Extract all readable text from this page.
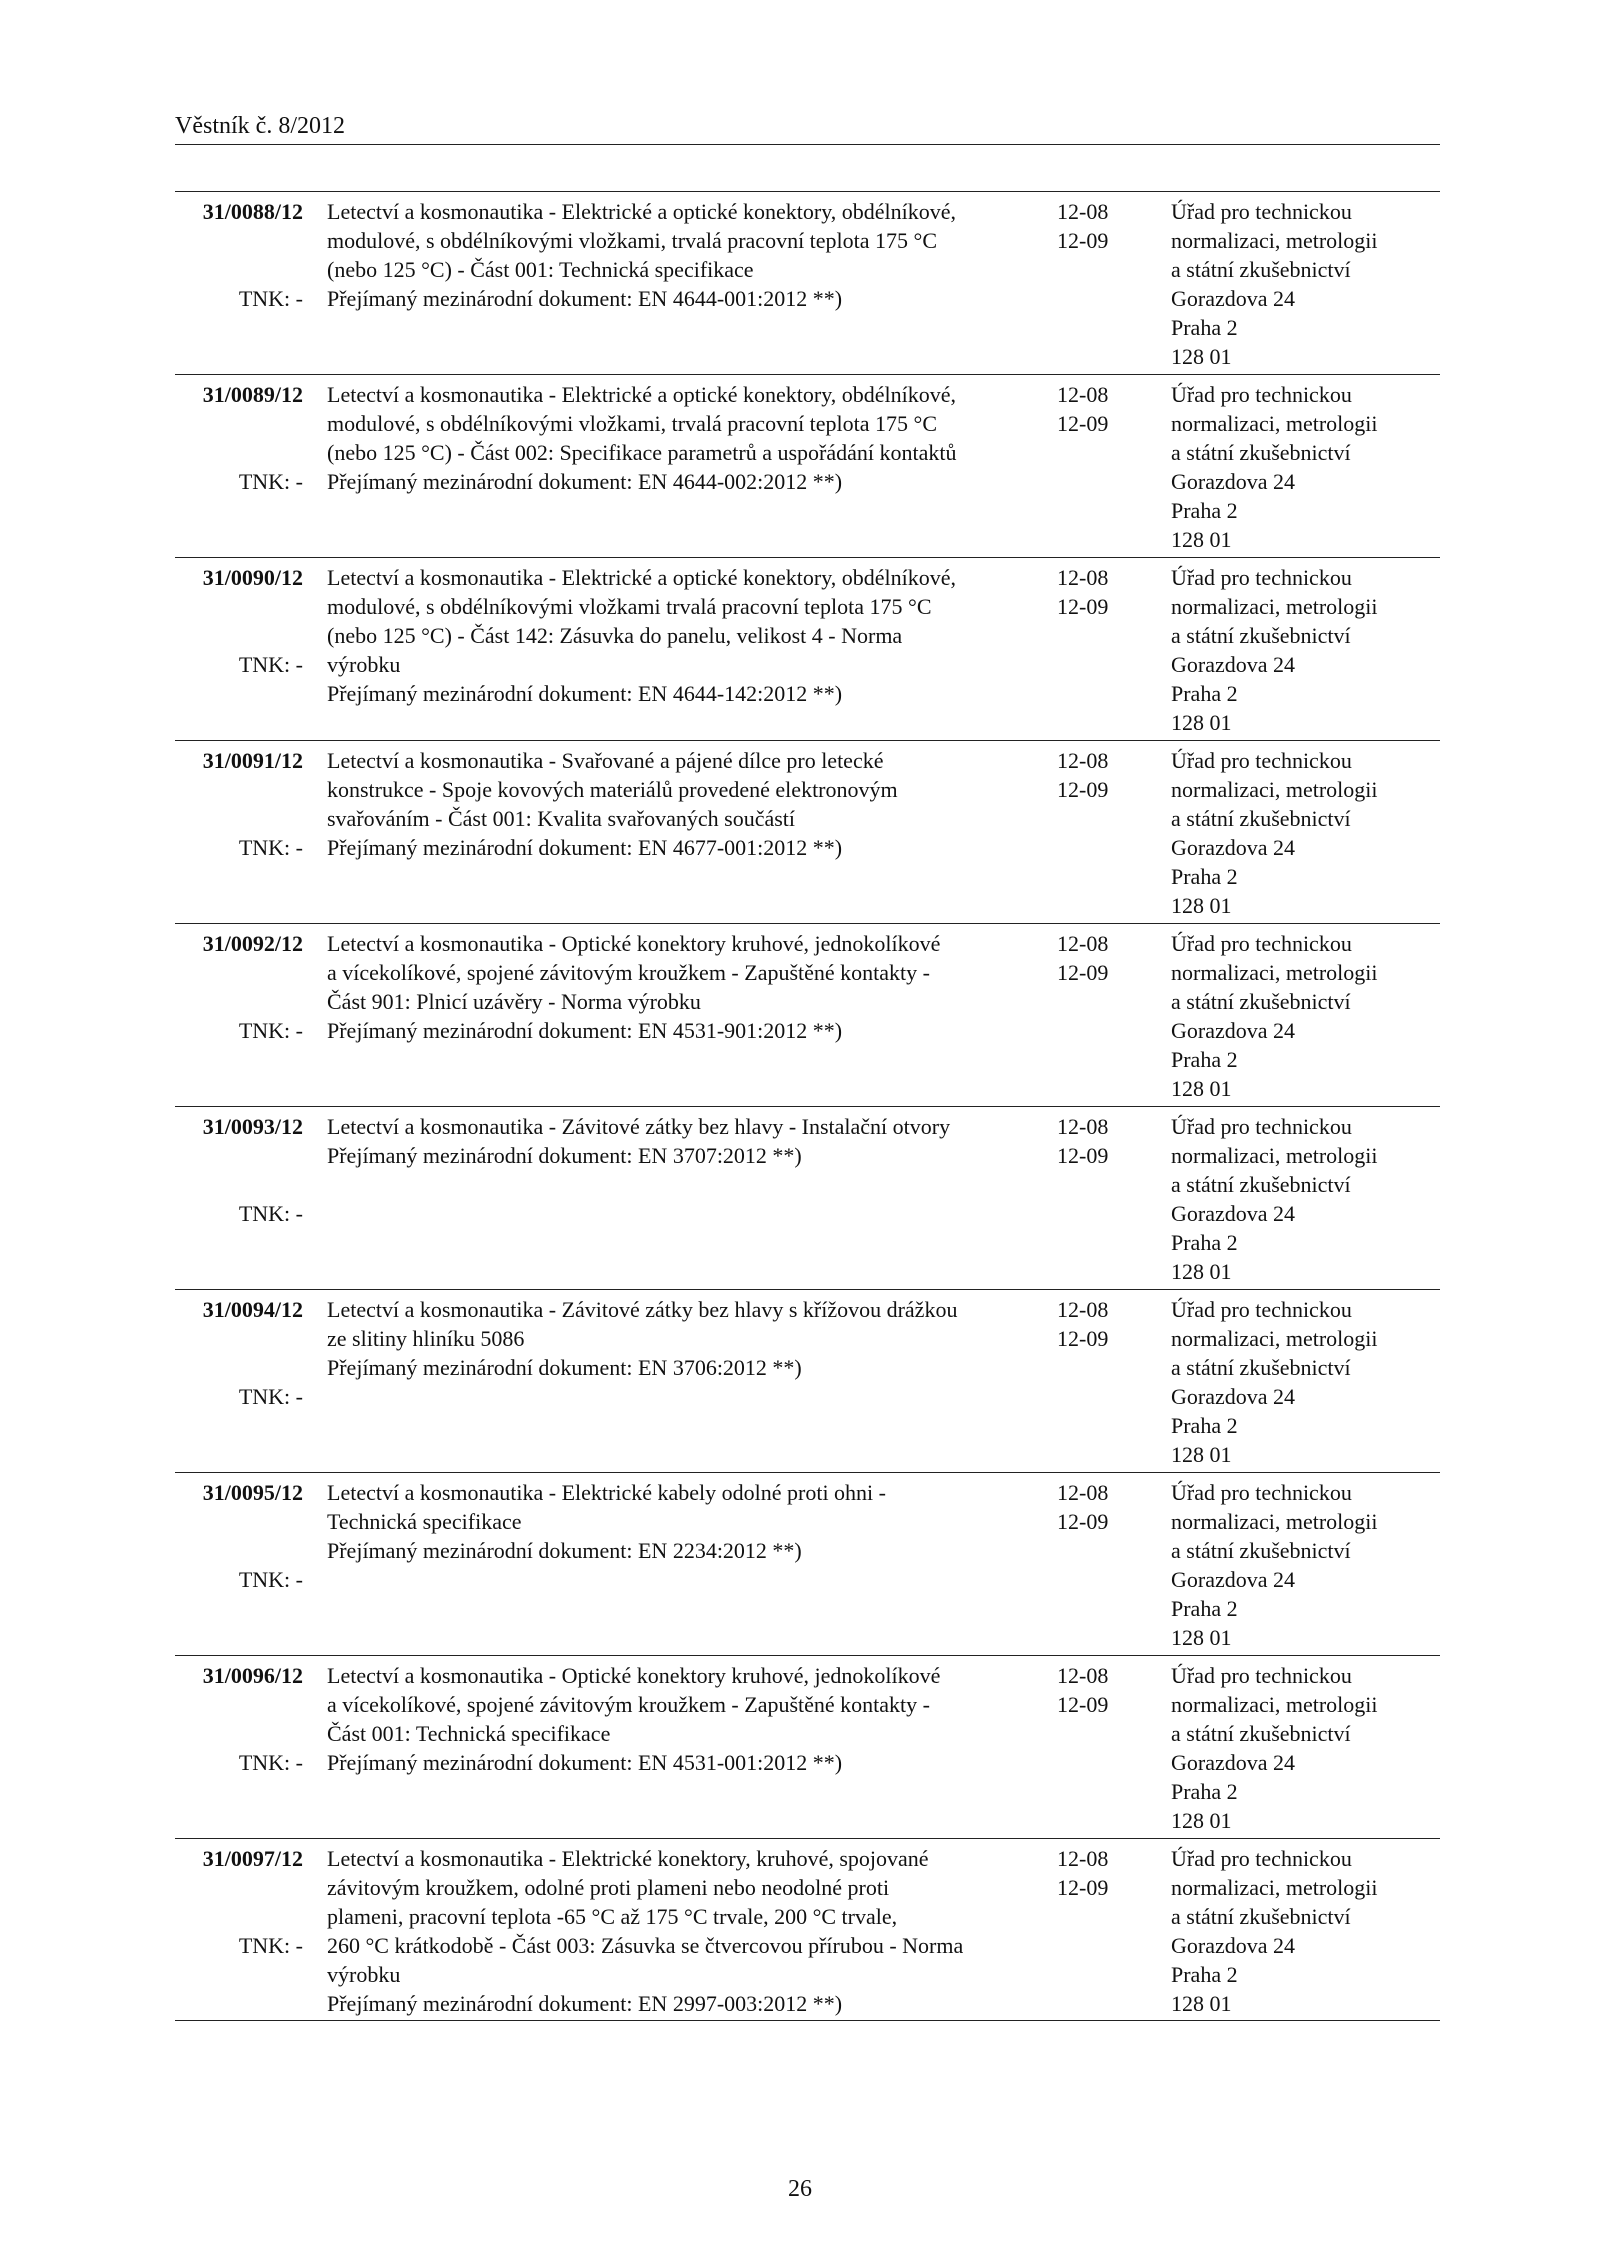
Věstník č. 8/2012
31/0088/12
TNK: -
Letectví a kosmonautika - Elektrické a optické konektory, obdélníkové,
modulové, s obdélníkovými vložkami, trvalá pracovní teplota 175 °C
(nebo 125 °C) - Část 001: Technická specifikace
Přejímaný mezinárodní dokument: EN 4644-001:2012 **)
12-08
12-09
Úřad pro technickou
normalizaci, metrologii
a státní zkušebnictví
Gorazdova 24
Praha 2
128 01
31/0089/12
TNK: -
Letectví a kosmonautika - Elektrické a optické konektory, obdélníkové,
modulové, s obdélníkovými vložkami, trvalá pracovní teplota 175 °C
(nebo 125 °C) - Část 002: Specifikace parametrů a uspořádání kontaktů
Přejímaný mezinárodní dokument: EN 4644-002:2012 **)
12-08
12-09
Úřad pro technickou
normalizaci, metrologii
a státní zkušebnictví
Gorazdova 24
Praha 2
128 01
31/0090/12
TNK: -
Letectví a kosmonautika - Elektrické a optické konektory, obdélníkové,
modulové, s obdélníkovými vložkami trvalá pracovní teplota 175 °C
(nebo 125 °C) - Část 142: Zásuvka do panelu, velikost 4 - Norma
výrobku
Přejímaný mezinárodní dokument: EN 4644-142:2012 **)
12-08
12-09
Úřad pro technickou
normalizaci, metrologii
a státní zkušebnictví
Gorazdova 24
Praha 2
128 01
31/0091/12
TNK: -
Letectví a kosmonautika - Svařované a pájené dílce pro letecké
konstrukce - Spoje kovových materiálů provedené elektronovým
svařováním - Část 001: Kvalita svařovaných součástí
Přejímaný mezinárodní dokument: EN 4677-001:2012 **)
12-08
12-09
Úřad pro technickou
normalizaci, metrologii
a státní zkušebnictví
Gorazdova 24
Praha 2
128 01
31/0092/12
TNK: -
Letectví a kosmonautika - Optické konektory kruhové, jednokolíkové
a vícekolíkové, spojené závitovým kroužkem - Zapuštěné kontakty -
Část 901: Plnicí uzávěry - Norma výrobku
Přejímaný mezinárodní dokument: EN 4531-901:2012 **)
12-08
12-09
Úřad pro technickou
normalizaci, metrologii
a státní zkušebnictví
Gorazdova 24
Praha 2
128 01
31/0093/12
TNK: -
Letectví a kosmonautika - Závitové zátky bez hlavy - Instalační otvory
Přejímaný mezinárodní dokument: EN 3707:2012 **)
12-08
12-09
Úřad pro technickou
normalizaci, metrologii
a státní zkušebnictví
Gorazdova 24
Praha 2
128 01
31/0094/12
TNK: -
Letectví a kosmonautika - Závitové zátky bez hlavy s křížovou drážkou
ze slitiny hliníku 5086
Přejímaný mezinárodní dokument: EN 3706:2012 **)
12-08
12-09
Úřad pro technickou
normalizaci, metrologii
a státní zkušebnictví
Gorazdova 24
Praha 2
128 01
31/0095/12
TNK: -
Letectví a kosmonautika - Elektrické kabely odolné proti ohni -
Technická specifikace
Přejímaný mezinárodní dokument: EN 2234:2012 **)
12-08
12-09
Úřad pro technickou
normalizaci, metrologii
a státní zkušebnictví
Gorazdova 24
Praha 2
128 01
31/0096/12
TNK: -
Letectví a kosmonautika - Optické konektory kruhové, jednokolíkové
a vícekolíkové, spojené závitovým kroužkem - Zapuštěné kontakty -
Část 001: Technická specifikace
Přejímaný mezinárodní dokument: EN 4531-001:2012 **)
12-08
12-09
Úřad pro technickou
normalizaci, metrologii
a státní zkušebnictví
Gorazdova 24
Praha 2
128 01
31/0097/12
TNK: -
Letectví a kosmonautika - Elektrické konektory, kruhové, spojované
závitovým kroužkem, odolné proti plameni nebo neodolné proti
plameni, pracovní teplota -65 °C až 175 °C trvale, 200 °C trvale,
260 °C krátkodobě - Část 003: Zásuvka se čtvercovou přírubou - Norma
výrobku
Přejímaný mezinárodní dokument: EN 2997-003:2012 **)
12-08
12-09
Úřad pro technickou
normalizaci, metrologii
a státní zkušebnictví
Gorazdova 24
Praha 2
128 01
26
